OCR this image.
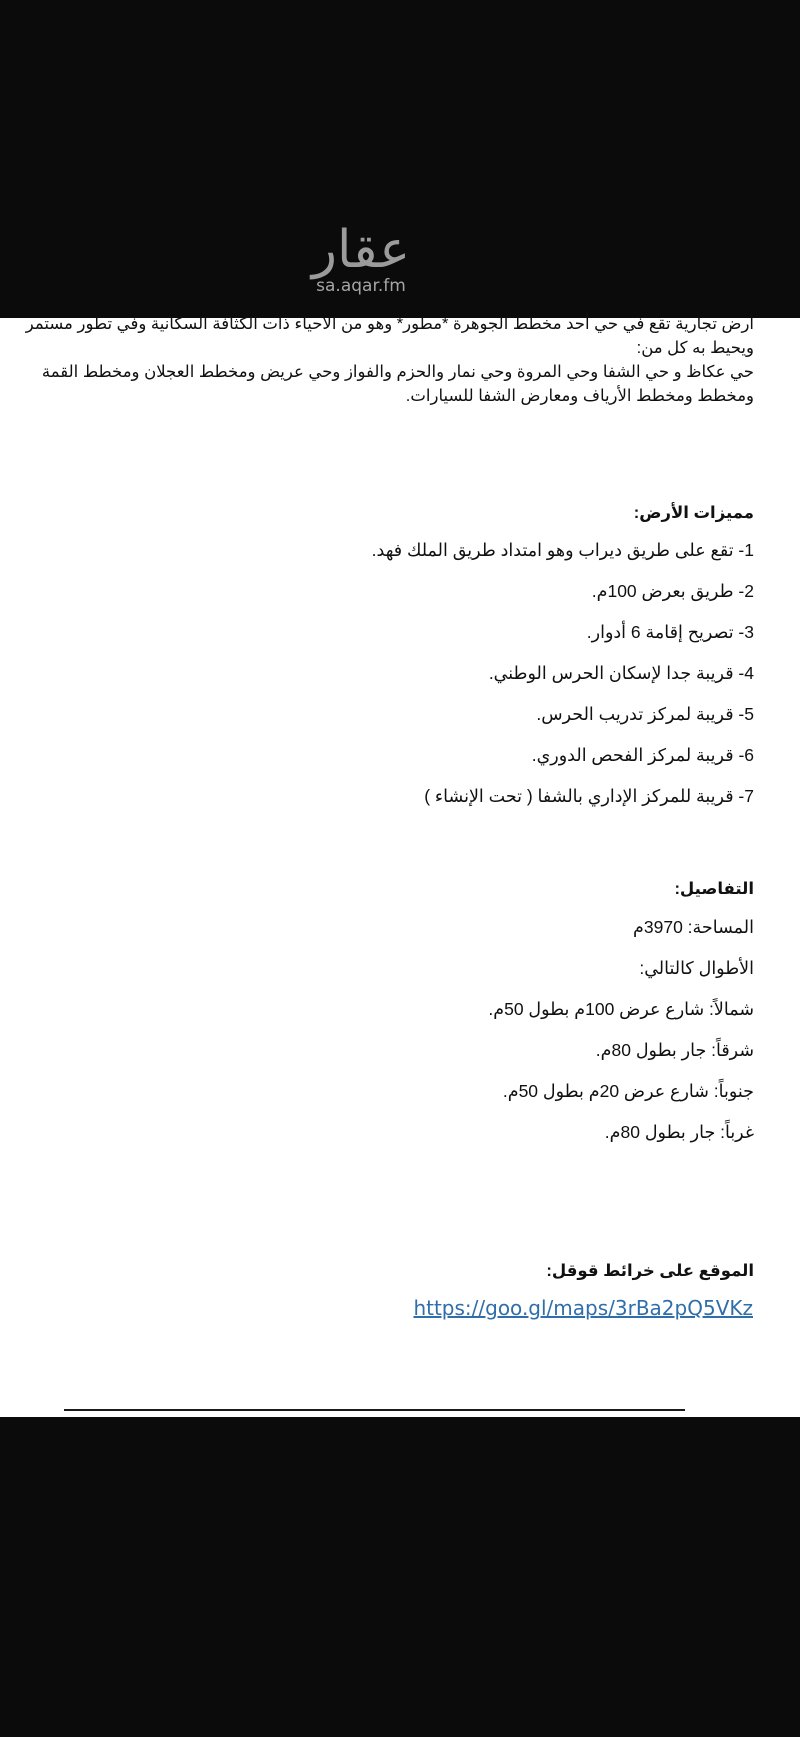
عقار
sa.aqar.fm

أرض تجارية تقع في حي أحد مخطط الجوهرة *مطور* وهو من الاحياء ذات الكثافة السكانية وفي تطور مستمر ويحيط به كل من:

حي عكاظ و حي الشفا وحي المروة وحي نمار والحزم والفواز وحي عريض ومخطط العجلان ومخطط القمة ومخطط ومخطط الأرياف ومعارض الشفا للسيارات.

مميزات الأرض:
1- تقع على طريق ديراب وهو امتداد طريق الملك فهد.
2- طريق بعرض 100م.
3- تصريح إقامة 6 أدوار.
4- قريبة جدا لإسكان الحرس الوطني.
5- قريبة لمركز تدريب الحرس.
6- قريبة لمركز الفحص الدوري.
7- قريبة للمركز الإداري بالشفا ( تحت الإنشاء )
التفاصيل:
المساحة: 3970م
الأطوال كالتالي:
شمالاً: شارع عرض 100م بطول 50م.
شرقاً: جار بطول 80م.
جنوباً: شارع عرض 20م بطول 50م.
غرباً: جار بطول 80م.
الموقع على خرائط قوقل:
https://goo.gl/maps/3rBa2pQ5VKz
